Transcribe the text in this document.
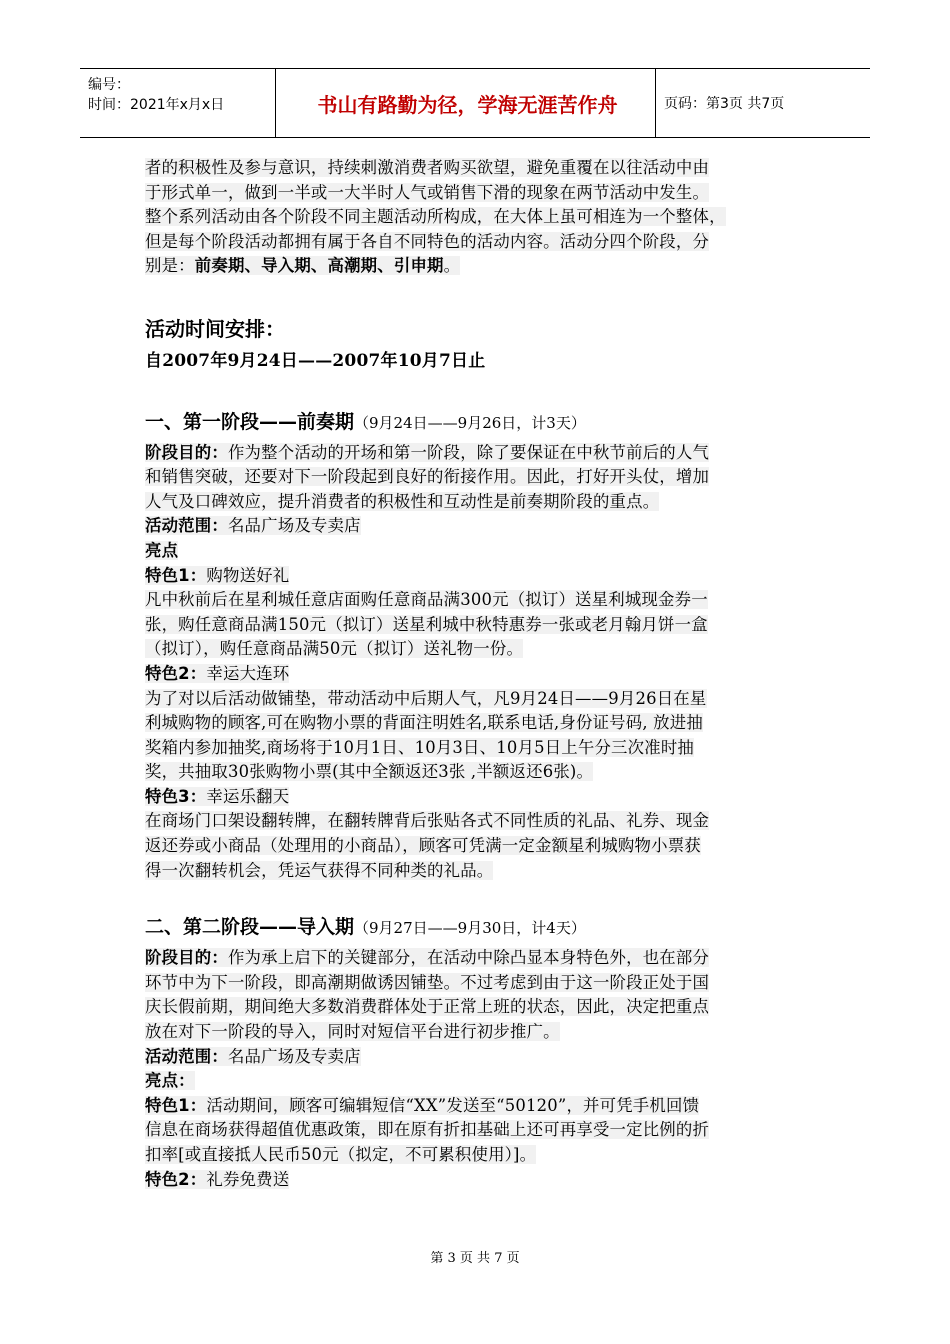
编号：
时间：2021年x月x日	书山有路勤为径，学海无涯苦作舟	页码：第3页 共7页

者的积极性及参与意识，持续刺激消费者购买欲望，避免重覆在以往活动中由
于形式单一，做到一半或一大半时人气或销售下滑的现象在两节活动中发生。
整个系列活动由各个阶段不同主题活动所构成，在大体上虽可相连为一个整体，
但是每个阶段活动都拥有属于各自不同特色的活动内容。活动分四个阶段，分
别是：前奏期、导入期、高潮期、引申期。

活动时间安排：

自2007年9月24日——2007年10月7日止

一、第一阶段——前奏期（9月24日——9月26日，计3天）

阶段目的：作为整个活动的开场和第一阶段，除了要保证在中秋节前后的人气
和销售突破，还要对下一阶段起到良好的衔接作用。因此，打好开头仗，增加
人气及口碑效应，提升消费者的积极性和互动性是前奏期阶段的重点。

活动范围：名品广场及专卖店

亮点

特色1：购物送好礼

凡中秋前后在星利城任意店面购任意商品满300元（拟订）送星利城现金券一
张，购任意商品满150元（拟订）送星利城中秋特惠券一张或老月翰月饼一盒
（拟订），购任意商品满50元（拟订）送礼物一份。

特色2：幸运大连环

为了对以后活动做铺垫，带动活动中后期人气，凡9月24日——9月26日在星
利城购物的顾客,可在购物小票的背面注明姓名,联系电话,身份证号码, 放进抽
奖箱内参加抽奖,商场将于10月1日、10月3日、10月5日上午分三次准时抽
奖，共抽取30张购物小票(其中全额返还3张 ,半额返还6张)。

特色3：幸运乐翻天

在商场门口架设翻转牌，在翻转牌背后张贴各式不同性质的礼品、礼券、现金
返还券或小商品（处理用的小商品），顾客可凭满一定金额星利城购物小票获
得一次翻转机会，凭运气获得不同种类的礼品。

二、第二阶段——导入期（9月27日——9月30日，计4天）

阶段目的：作为承上启下的关键部分，在活动中除凸显本身特色外，也在部分
环节中为下一阶段，即高潮期做诱因铺垫。不过考虑到由于这一阶段正处于国
庆长假前期，期间绝大多数消费群体处于正常上班的状态，因此，决定把重点
放在对下一阶段的导入，同时对短信平台进行初步推广。

活动范围：名品广场及专卖店

亮点：

特色1：活动期间，顾客可编辑短信“XX”发送至“50120”，并可凭手机回馈
信息在商场获得超值优惠政策，即在原有折扣基础上还可再享受一定比例的折
扣率[或直接抵人民币50元（拟定，不可累积使用）]。

特色2：礼券免费送

第 3 页 共 7 页
